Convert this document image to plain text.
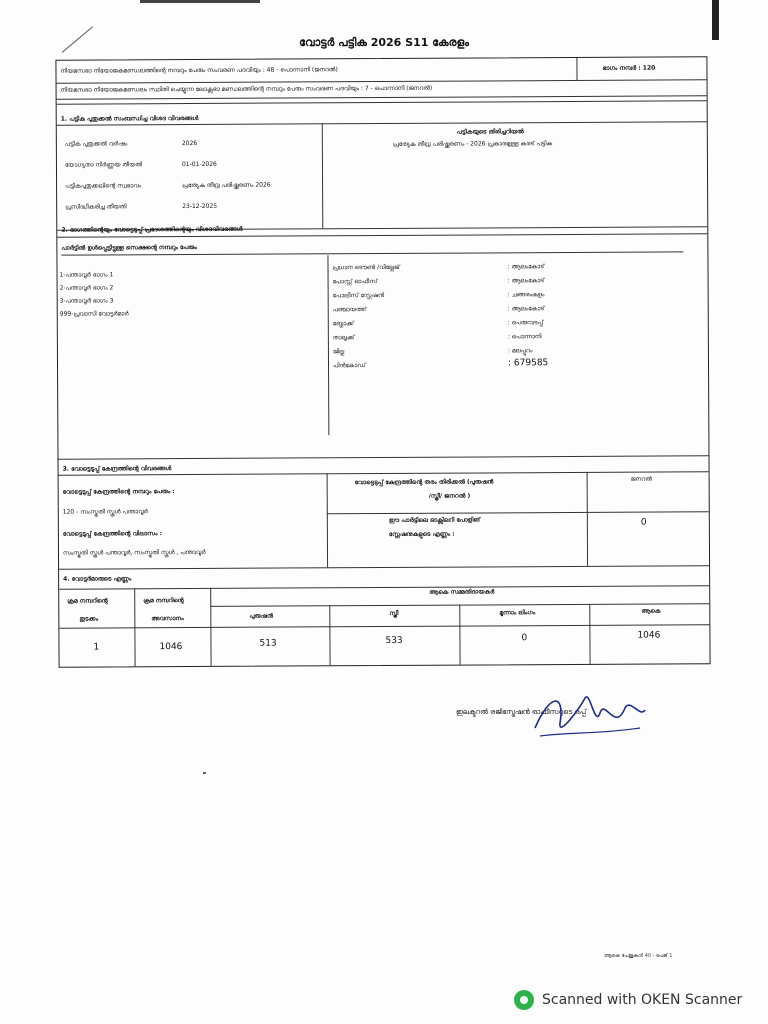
വോട്ടർ പട്ടിക 2026 S11 കേരളം
നിയമസഭാ നിയോജകമണ്ഡലത്തിന്റെ നമ്പറും പേരും സംവരണ പദവിയും : 48 - പൊന്നാനി (ജനറൽ)	ഭാഗം നമ്പർ : 120
നിയമസഭാ നിയോജകമണ്ഡലം സ്ഥിതി ചെയ്യുന്ന ലോക്സഭാ മണ്ഡലത്തിന്റെ നമ്പറും പേരും സംവരണ പദവിയും : 7 - പൊന്നാനി (ജനറൽ)
1. പട്ടിക പുതുക്കൽ സംബന്ധിച്ച വിശദ വിവരങ്ങൾ
പട്ടിക പുതുക്കൽ വർഷം	2026
യോഗ്യതാ നിർണ്ണയ തീയതി	01-01-2026
പട്ടികപുതുക്കലിന്റെ സ്വഭാവം	പ്രത്യേക തീവ്ര പരിഷ്ക്കരണം 2026
പ്രസിദ്ധീകരിച്ച തീയതി	23-12-2025
പട്ടികയുടെ തിരിച്ചറിയൽ
പ്രത്യേക തീവ്ര പരിഷ്ക്കരണം - 2026 പ്രകാരമുള്ള കരട് പട്ടിക
2. ഭാഗത്തിന്റെയും വോട്ടെടുപ്പ് പ്രദേശത്തിന്റെയും വിശദവിവരങ്ങൾ
പാർട്ടിൽ ഉൾപ്പെട്ടിട്ടുള്ള സെക്ഷന്റെ നമ്പറും പേരും
1-പന്താവൂർ ഭാഗം 1
2-പന്താവൂർ ഭാഗം 2
3-പന്താവൂർ ഭാഗം 3
999-പ്രവാസി വോട്ടർമാർ
പ്രധാന ടൌൺ /വില്ലേജ്	: ആലംകോട്
പോസ്റ്റ് ഓഫീസ്	: ആലംകോട്
പോലീസ് സ്റ്റേഷൻ	: ചങ്ങരംകുളം
പഞ്ചായത്ത്	: ആലംകോട്
ബ്ലോക്ക്	: പെരുമ്പടപ്പ്
താലൂക്ക്	: പൊന്നാനി
ജില്ല	: മലപ്പുറം
പിൻകോഡ്	: 679585
3. വോട്ടെടുപ്പ് കേന്ദ്രത്തിന്റെ വിവരങ്ങൾ
വോട്ടെടുപ്പ് കേന്ദ്രത്തിന്റെ നമ്പറും പേരും :
120 - സംസ്കൃതി സ്കൂൾ പന്താവൂർ
വോട്ടെടുപ്പ് കേന്ദ്രത്തിന്റെ തരം തിരിക്കൽ (പുരുഷൻ
/സ്ത്രീ/ ജനറൽ )
ജനറൽ
വോട്ടെടുപ്പ് കേന്ദ്രത്തിന്റെ വിലാസം :
സംസ്കൃതി സ്കൂൾ പന്താവൂർ, സംസ്കൃതി സ്കൂൾ , പന്താവൂർ
ഈ പാർട്ടിലെ ഓക്സിലറി പോളിങ്
സ്റ്റേഷനുകളുടെ എണ്ണം :
0
4. വോട്ടർമാരുടെ എണ്ണം
ക്രമ നമ്പറിന്റെ
തുടക്കം
ക്രമ നമ്പറിന്റെ
അവസാനം
ആകെ സമ്മതിദായകർ
പുരുഷൻ	സ്ത്രീ	മൂന്നാം ലിംഗം	ആകെ
1	1046	513	533	0	1046
ഇലക്ടറൽ രജിസ്ട്രേഷൻ ഓഫീസറുടെ ഒപ്പ്
ആകെ പേജുകൾ 40 - പേജ് 1
Scanned with OKEN Scanner
